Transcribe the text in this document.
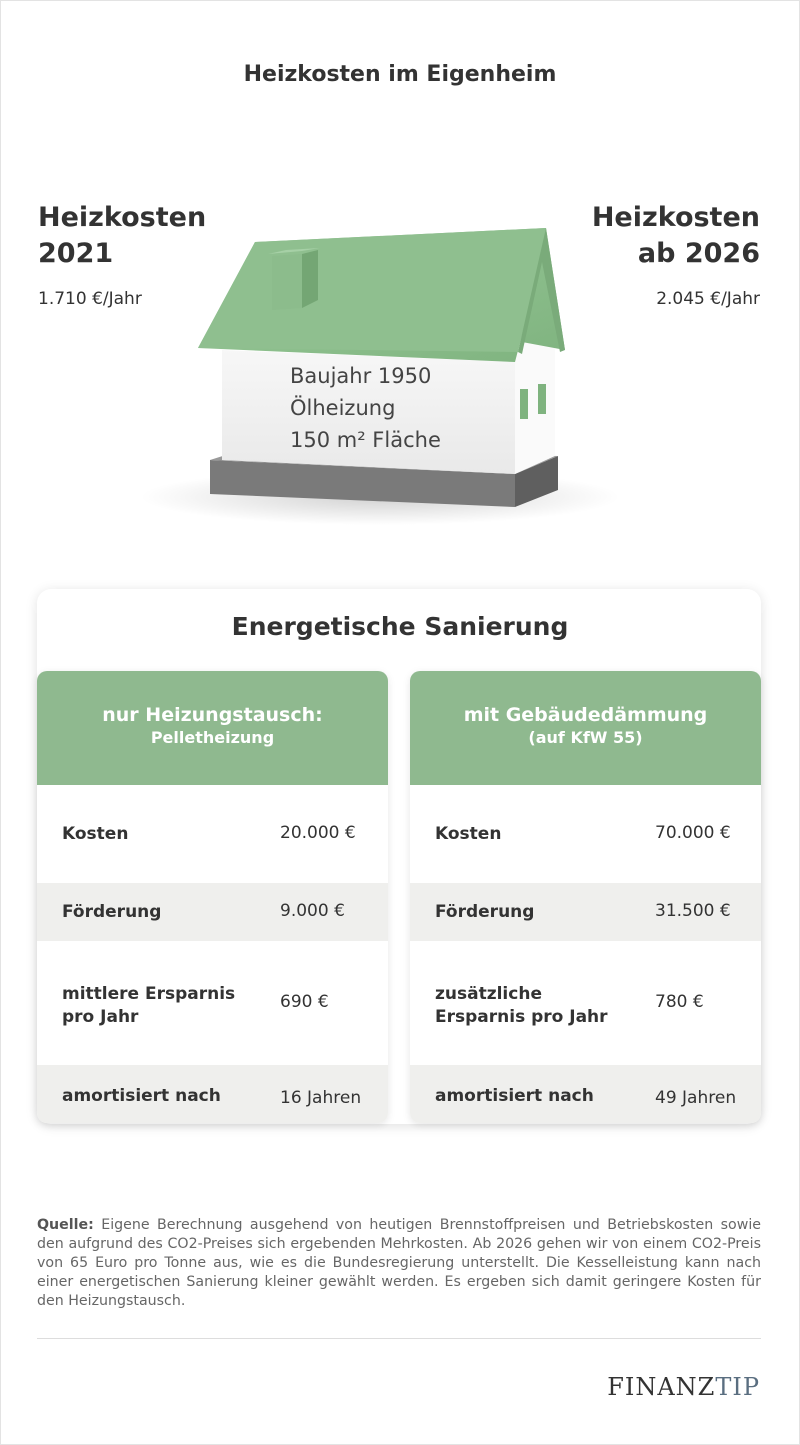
Heizkosten im Eigenheim
Heizkosten
2021
1.710 €/Jahr
Heizkosten
ab 2026
2.045 €/Jahr
Baujahr 1950
Ölheizung
150 m² Fläche
Energetische Sanierung
nur Heizungstausch:
Pelletheizung
Kosten	20.000 €
Förderung	9.000 €
mittlere Ersparnis
pro Jahr
690 €
amortisiert nach	16 Jahren
mit Gebäudedämmung
(auf KfW 55)
Kosten	70.000 €
Förderung	31.500 €
zusätzliche
Ersparnis pro Jahr
780 €
amortisiert nach	49 Jahren

Quelle: Eigene Berechnung ausgehend von heutigen Brennstoffpreisen und Betriebskosten sowie den aufgrund des CO2-Preises sich ergebenden Mehrkosten. Ab 2026 gehen wir von einem CO2-Preis von 65 Euro pro Tonne aus, wie es die Bundesregierung unterstellt. Die Kesselleistung kann nach einer energetischen Sanierung kleiner gewählt werden. Es ergeben sich damit geringere Kosten für den Heizungstausch.

FINANZTIP
